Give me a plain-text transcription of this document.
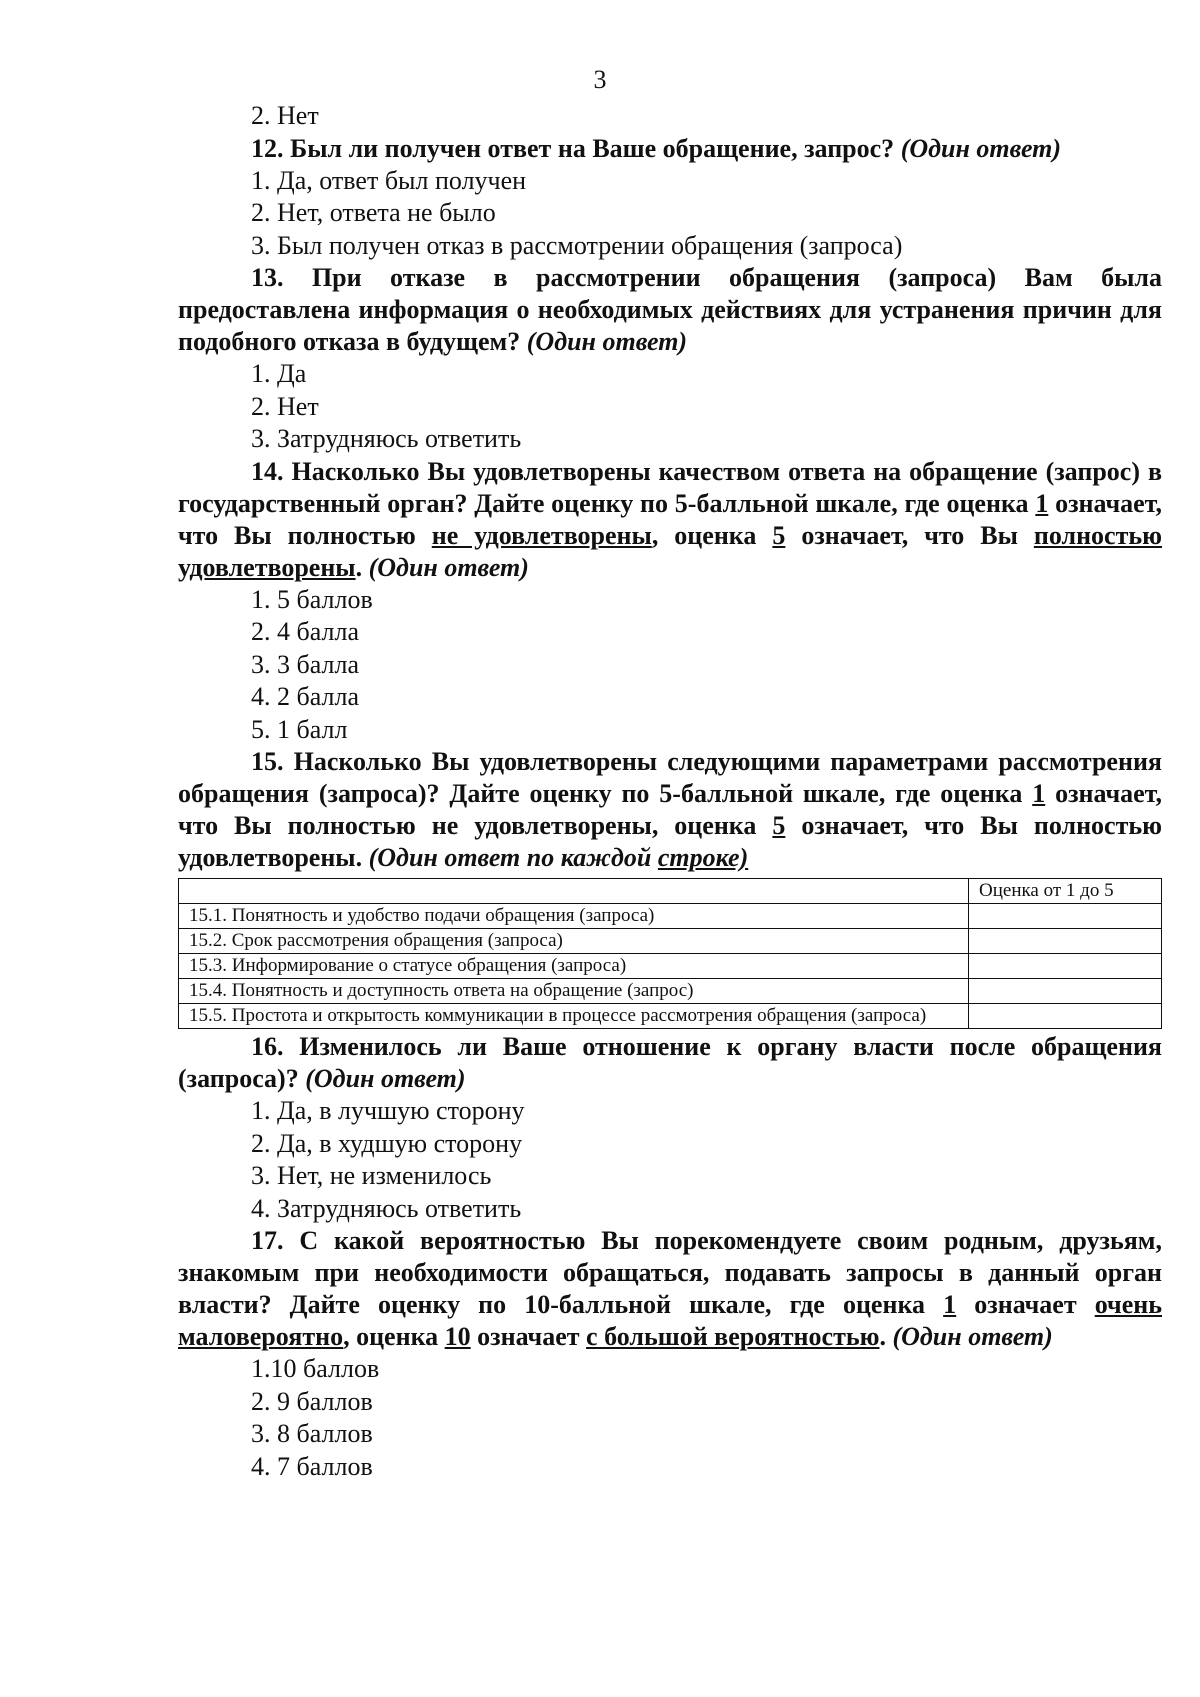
3
2. Нет

12. Был ли получен ответ на Ваше обращение, запрос? (Один ответ)

1. Да, ответ был получен
2. Нет, ответа не было
3. Был получен отказ в рассмотрении обращения (запроса)

13. При отказе в рассмотрении обращения (запроса) Вам была предоставлена информация о необходимых действиях для устранения причин для подобного отказа в будущем? (Один ответ)

1. Да
2. Нет
3. Затрудняюсь ответить

14. Насколько Вы удовлетворены качеством ответа на обращение (запрос) в государственный орган? Дайте оценку по 5-балльной шкале, где оценка 1 означает, что Вы полностью не удовлетворены, оценка 5 означает, что Вы полностью удовлетворены. (Один ответ)

1. 5 баллов
2. 4 балла
3. 3 балла
4. 2 балла
5. 1 балл

15. Насколько Вы удовлетворены следующими параметрами рассмотрения обращения (запроса)? Дайте оценку по 5-балльной шкале, где оценка 1 означает, что Вы полностью не удовлетворены, оценка 5 означает, что Вы полностью удовлетворены. (Один ответ по каждой строке)

	Оценка от 1 до 5
15.1. Понятность и удобство подачи обращения (запроса)	
15.2. Срок рассмотрения обращения (запроса)	
15.3. Информирование о статусе обращения (запроса)	
15.4. Понятность и доступность ответа на обращение (запрос)	
15.5. Простота и открытость коммуникации в процессе рассмотрения обращения (запроса)	

16. Изменилось ли Ваше отношение к органу власти после обращения (запроса)? (Один ответ)

1. Да, в лучшую сторону
2. Да, в худшую сторону
3. Нет, не изменилось
4. Затрудняюсь ответить

17. С какой вероятностью Вы порекомендуете своим родным, друзьям, знакомым при необходимости обращаться, подавать запросы в данный орган власти? Дайте оценку по 10-балльной шкале, где оценка 1 означает очень маловероятно, оценка 10 означает с большой вероятностью. (Один ответ)

1.10 баллов
2. 9 баллов
3. 8 баллов
4. 7 баллов
